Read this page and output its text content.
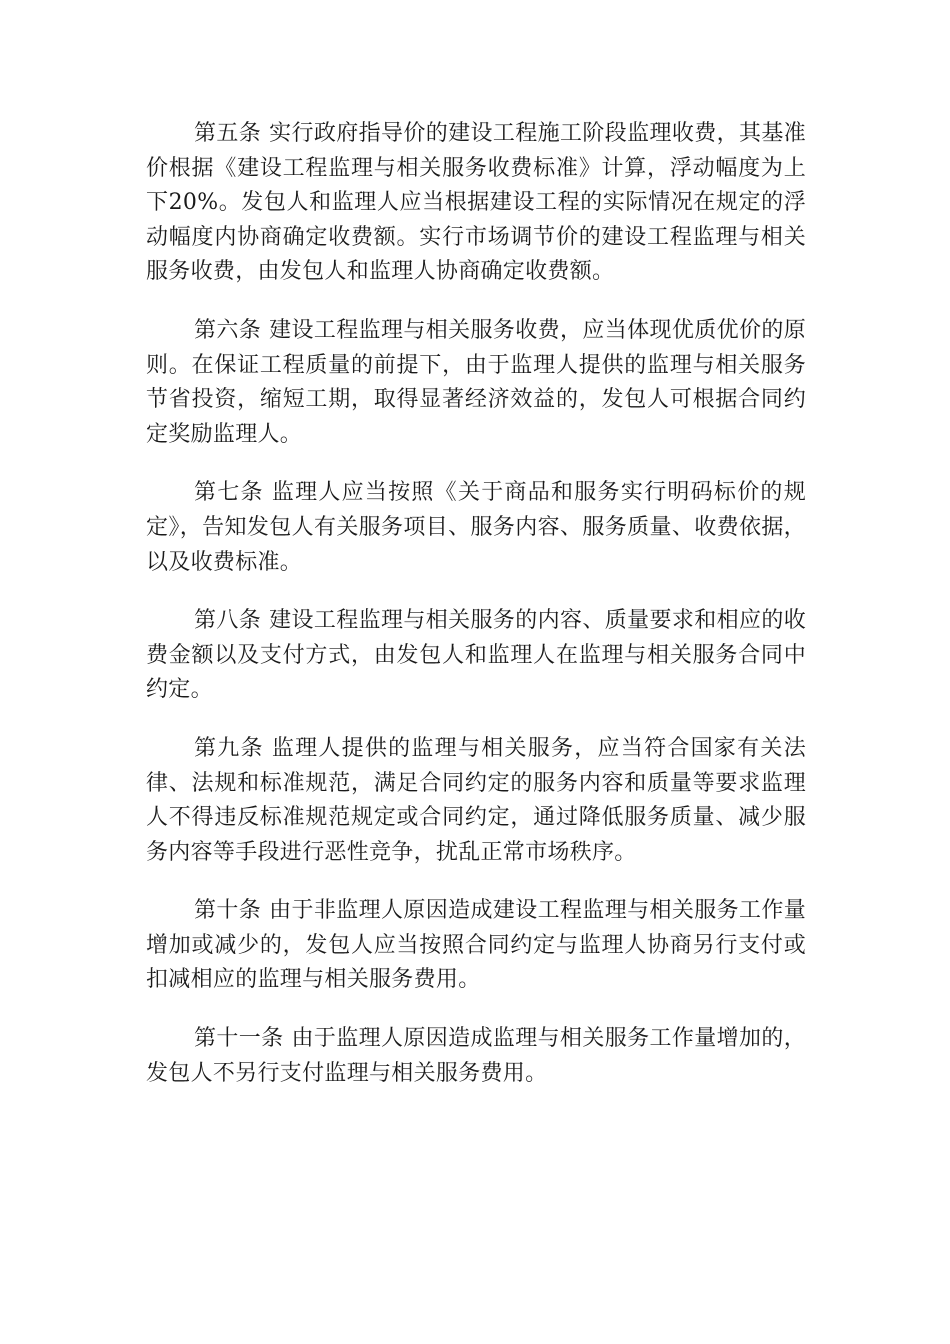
第五条 实行政府指导价的建设工程施工阶段监理收费，其基准价根据《建设工程监理与相关服务收费标准》计算，浮动幅度为上下20%。发包人和监理人应当根据建设工程的实际情况在规定的浮动幅度内协商确定收费额。实行市场调节价的建设工程监理与相关服务收费，由发包人和监理人协商确定收费额。

第六条 建设工程监理与相关服务收费，应当体现优质优价的原则。在保证工程质量的前提下，由于监理人提供的监理与相关服务节省投资，缩短工期，取得显著经济效益的，发包人可根据合同约定奖励监理人。

第七条 监理人应当按照《关于商品和服务实行明码标价的规定》，告知发包人有关服务项目、服务内容、服务质量、收费依据，以及收费标准。

第八条 建设工程监理与相关服务的内容、质量要求和相应的收费金额以及支付方式，由发包人和监理人在监理与相关服务合同中约定。

第九条 监理人提供的监理与相关服务，应当符合国家有关法律、法规和标准规范，满足合同约定的服务内容和质量等要求监理人不得违反标准规范规定或合同约定，通过降低服务质量、减少服务内容等手段进行恶性竞争，扰乱正常市场秩序。

第十条 由于非监理人原因造成建设工程监理与相关服务工作量增加或减少的，发包人应当按照合同约定与监理人协商另行支付或扣减相应的监理与相关服务费用。

第十一条 由于监理人原因造成监理与相关服务工作量增加的，发包人不另行支付监理与相关服务费用。
